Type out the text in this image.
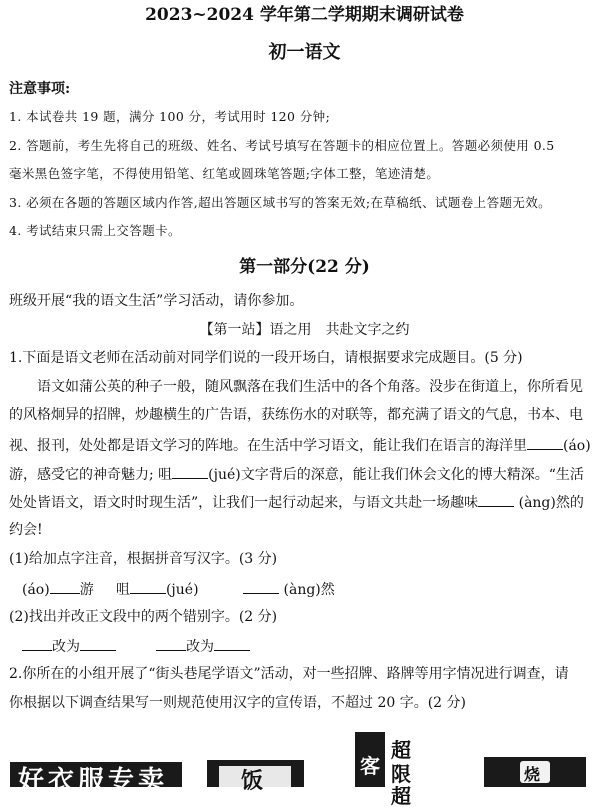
2023~2024 学年第二学期期末调研试卷
初一语文
注意事项:
1. 本试卷共 19 题，满分 100 分，考试用时 120 分钟;
2. 答题前，考生先将自己的班级、姓名、考试号填写在答题卡的相应位置上。答题必须使用 0.5
毫米黑色签字笔，不得使用铅笔、红笔或圆珠笔答题;字体工整，笔迹清楚。
3. 必须在各题的答题区域内作答,超出答题区域书写的答案无效;在草稿纸、试题卷上答题无效。
4. 考试结束只需上交答题卡。
第一部分(22 分)
班级开展“我的语文生活”学习活动，请你参加。
【第一站】语之用　共赴文字之约
1.下面是语文老师在活动前对同学们说的一段开场白，请根据要求完成题目。(5 分)
语文如蒲公英的种子一般，随风飘落在我们生活中的各个角落。没步在街道上，你所看见
的风格炯异的招牌，炒趣横生的广告语，获练伤水的对联等，都充满了语文的气息，书本、电
视、报刊，处处都是语文学习的阵地。在生活中学习语文，能让我们在语言的海洋里	(áo)
游，感受它的神奇魅力; 咀	(jué)文字背后的深意，能让我们休会文化的博大精深。“生活
处处皆语文，语文时时现生活”，让我们一起行动起来，与语文共赴一场趣味	(àng)然的
约会!
(1)给加点字注音，根据拼音写汉字。(3 分)
(áo) 游 咀	(jué)	(àng)然
(2)找出并改正文段中的两个错别字。(2 分)
改为	改为
2.你所在的小组开展了“街头巷尾学语文”活动，对一些招牌、路牌等用字情况进行调查，请
你根据以下调查结果写一则规范使用汉字的宣传语，不超过 20 字。(2 分)
好衣服专卖	饭
超
限
客
超
烧
